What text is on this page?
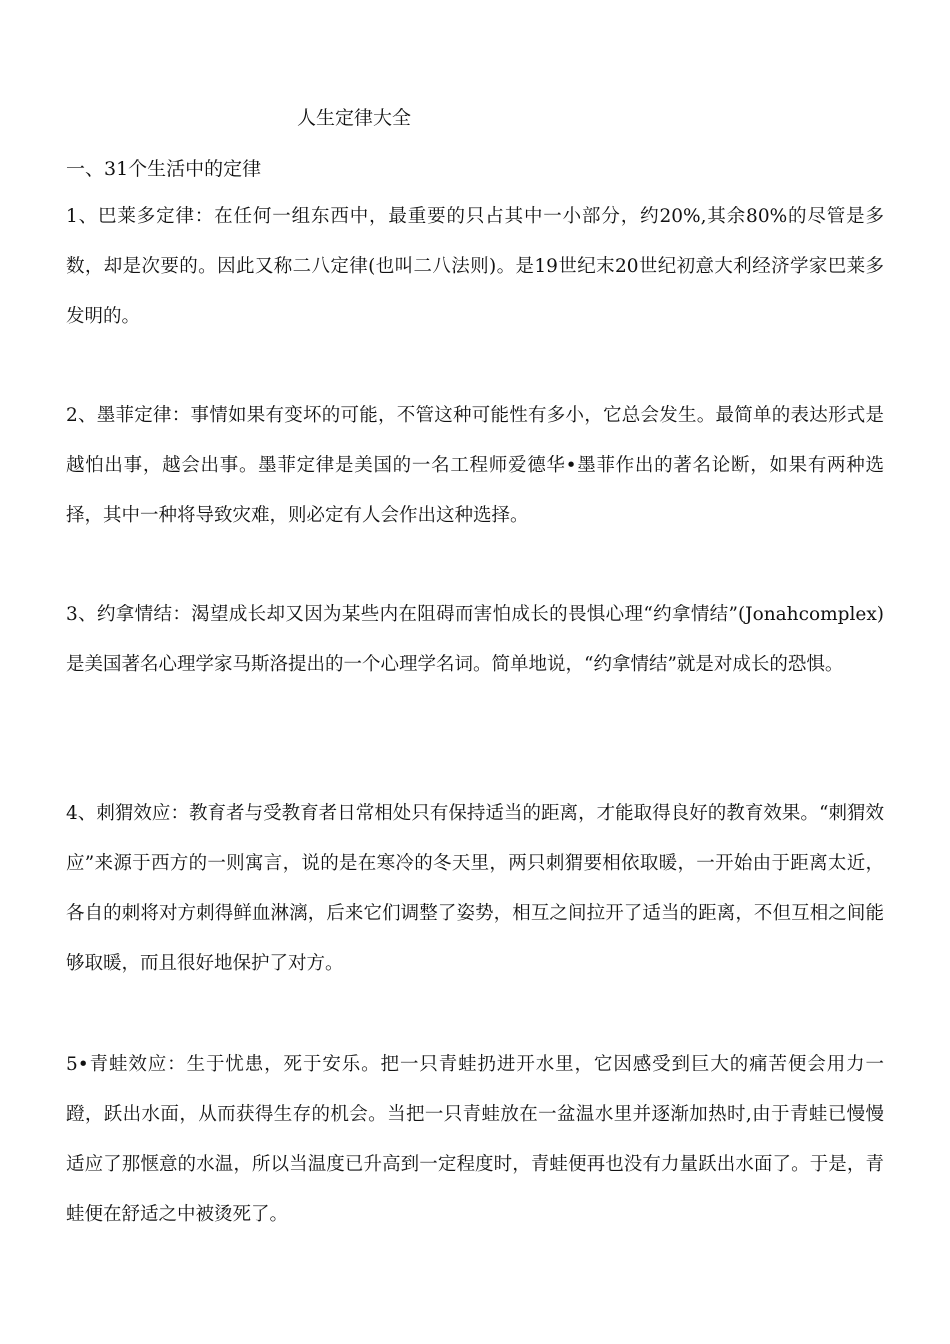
人生定律大全
一、31个生活中的定律

1、巴莱多定律：在任何一组东西中，最重要的只占其中一小部分，约20%,其余80%的尽管是多数，却是次要的。因此又称二八定律(也叫二八法则)。是19世纪末20世纪初意大利经济学家巴莱多发明的。

2、墨菲定律：事情如果有变坏的可能，不管这种可能性有多小，它总会发生。最简单的表达形式是越怕出事，越会出事。墨菲定律是美国的一名工程师爱德华•墨菲作出的著名论断，如果有两种选择，其中一种将导致灾难，则必定有人会作出这种选择。

3、约拿情结：渴望成长却又因为某些内在阻碍而害怕成长的畏惧心理“约拿情结”(Jonahcomplex)是美国著名心理学家马斯洛提出的一个心理学名词。简单地说，“约拿情结”就是对成长的恐惧。

4、刺猬效应：教育者与受教育者日常相处只有保持适当的距离，才能取得良好的教育效果。“刺猬效应”来源于西方的一则寓言，说的是在寒冷的冬天里，两只刺猬要相依取暖，一开始由于距离太近，各自的刺将对方刺得鲜血淋漓，后来它们调整了姿势，相互之间拉开了适当的距离，不但互相之间能够取暖，而且很好地保护了对方。

5•青蛙效应：生于忧患，死于安乐。把一只青蛙扔进开水里，它因感受到巨大的痛苦便会用力一蹬，跃出水面，从而获得生存的机会。当把一只青蛙放在一盆温水里并逐渐加热时,由于青蛙已慢慢适应了那惬意的水温，所以当温度已升高到一定程度时，青蛙便再也没有力量跃出水面了。于是，青蛙便在舒适之中被烫死了。
